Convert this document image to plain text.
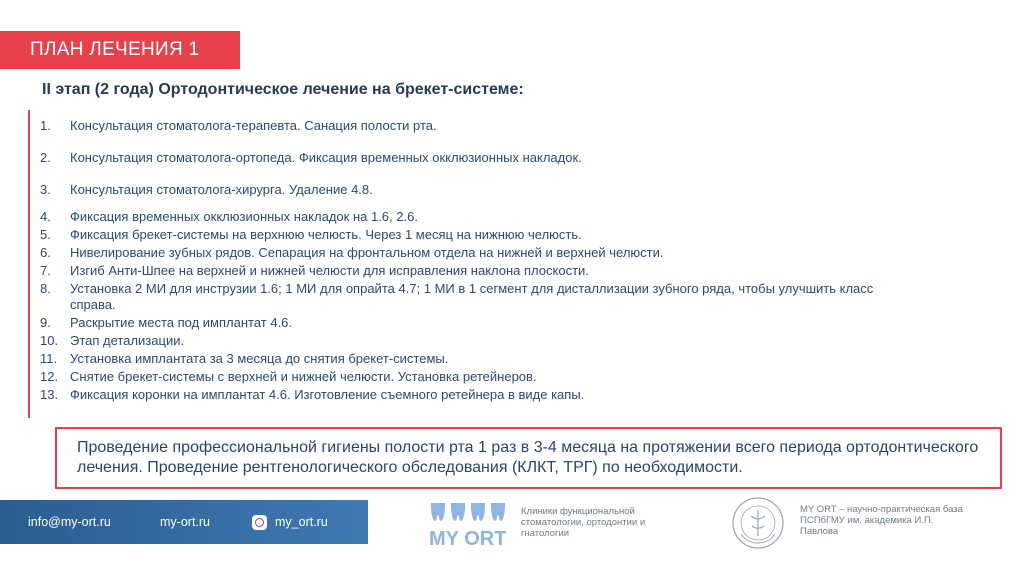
ПЛАН ЛЕЧЕНИЯ 1
II этап (2 года) Ортодонтическое лечение на брекет-системе:
1.	Консультация стоматолога-терапевта. Санация полости рта.
2.	Консультация стоматолога-ортопеда. Фиксация временных окклюзионных накладок.
3.	Консультация стоматолога-хирурга. Удаление 4.8.
4.	Фиксация временных окклюзионных накладок на 1.6, 2.6.
5.	Фиксация брекет-системы на верхнюю челюсть. Через 1 месяц на нижнюю челюсть.
6.	Нивелирование зубных рядов. Сепарация на фронтальном отдела на нижней и верхней челюсти.
7.	Изгиб Анти-Шпее на верхней и нижней челюсти для исправления наклона плоскости.
8.	Установка 2 МИ для инструзии 1.6; 1 МИ для опрайта 4.7; 1 МИ в 1 сегмент для дисталлизации зубного ряда, чтобы улучшить класс справа.
9.	Раскрытие места под имплантат 4.6.
10. Этап детализации.
11. Установка имплантата за 3 месяца до снятия брекет-системы.
12. Снятие брекет-системы с верхней и нижней челюсти. Установка ретейнеров.
13. Фиксация коронки на имплантат 4.6. Изготовление съемного ретейнера в виде капы.
Проведение профессиональной гигиены полости рта 1 раз в 3-4 месяца на протяжении всего периода ортодонтического лечения. Проведение рентгенологического обследования (КЛКТ, ТРГ) по необходимости.
info@my-ort.ru	my-ort.ru	my_ort.ru
MY ORT
Клиники функциональной стоматологии, ортодонтии и гнатологии
MY ORT – научно-практическая база ПСПбГМУ им. академика И.П. Павлова
